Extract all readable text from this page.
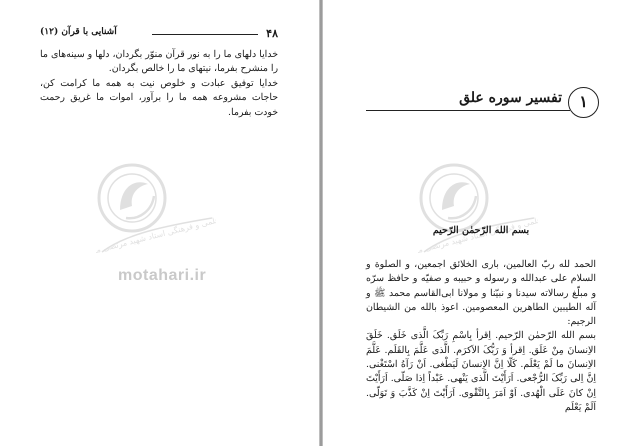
۴۸
آشنایی با قرآن (۱۲)

خدایا دلهای ما را به نور قرآن منوّر بگردان، دلها و سینه‌های ما را منشرح بفرما، نیتهای ما را خالص بگردان.

خدایا توفیق عبادت و خلوص نیت به همه ما کرامت کن، حاجات مشروعه همه ما را برآور، اموات ما غریق رحمت خودت بفرما.

علمی و فرهنگی استاد شهید مرتضی مطهری
motahari.ir
۱
تفسیر سوره علق
علمی و فرهنگی استاد شهید مرتضی مطهری
بسم الله الرّحمٰن الرّحیم

الحمد لله ربّ العالمین، باری الخلائق اجمعین، و الصلوة و السلام علی عبدالله و رسوله و حبیبه و صفیّه و حافظ سرّه و مبلّغ رسالاته سیدنا و نبیّنا و مولانا ابی‌القاسم محمد ﷺ و آله الطیبین الطاهرین المعصومین. اعوذ بالله من الشیطان الرجیم:

بسم الله الرّحمٰن الرّحیم. اِقرأ بِاسْمِ رَبِّکَ الَّذی خَلَق. خَلَقَ الاِنسانَ مِنْ عَلَق. اِقرأ وَ رَبُّکَ الاَکرَم. الَّذی عَلَّمَ بِالقَلَم. عَلَّمَ الاِنسانَ ما لَمْ یَعْلَم. کَلّا اِنَّ الاِنسانَ لَیَطْغی. اَنْ رَآهُ اسْتَغْنی. اِنَّ اِلی رَبِّکَ الرُّجْعی. اَرَأَیْتَ الَّذی یَنْهی. عَبْداً اِذا صَلّی. اَرَأَیْتَ اِنْ کانَ عَلَی الْهُدی. اَوْ اَمَرَ بِالتَّقْوی. اَرَأَیْتَ اِنْ کَذَّبَ وَ تَوَلّی. اَلَمْ یَعْلَم
